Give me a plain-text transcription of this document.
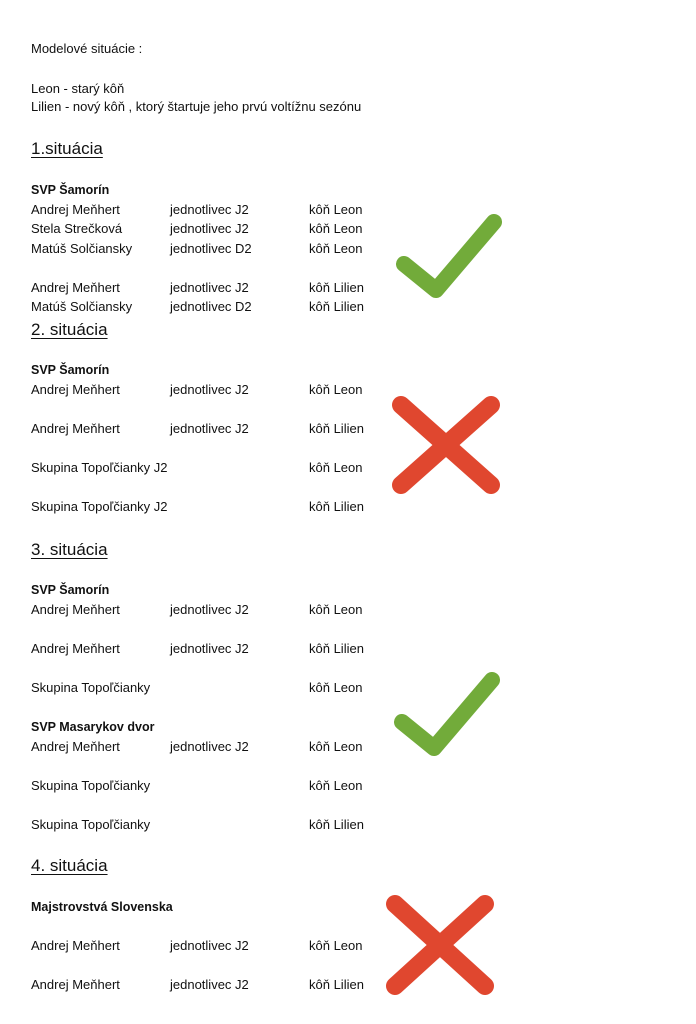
Modelové situácie :
Leon - starý kôň
Lilien - nový kôň , ktorý štartuje jeho prvú voltížnu sezónu
1.situácia
SVP Šamorín
Andrej Meňhert	jednotlivec J2	kôň Leon
Stela Strečková	jednotlivec J2	kôň Leon
Matúš Solčiansky	jednotlivec D2	kôň Leon
Andrej Meňhert	jednotlivec J2	kôň Lilien
Matúš Solčiansky	jednotlivec D2	kôň Lilien
2. situácia
SVP Šamorín
Andrej Meňhert	jednotlivec J2	kôň Leon
Andrej Meňhert	jednotlivec J2	kôň Lilien
Skupina Topoľčianky J2	kôň Leon
Skupina Topoľčianky J2	kôň Lilien
3. situácia
SVP Šamorín
Andrej Meňhert	jednotlivec J2	kôň Leon
Andrej Meňhert	jednotlivec J2	kôň Lilien
Skupina Topoľčianky	kôň Leon
SVP Masarykov dvor
Andrej Meňhert	jednotlivec J2	kôň Leon
Skupina Topoľčianky	kôň Leon
Skupina Topoľčianky	kôň Lilien
4. situácia
Majstrovstvá Slovenska
Andrej Meňhert	jednotlivec J2	kôň Leon
Andrej Meňhert	jednotlivec J2	kôň Lilien
